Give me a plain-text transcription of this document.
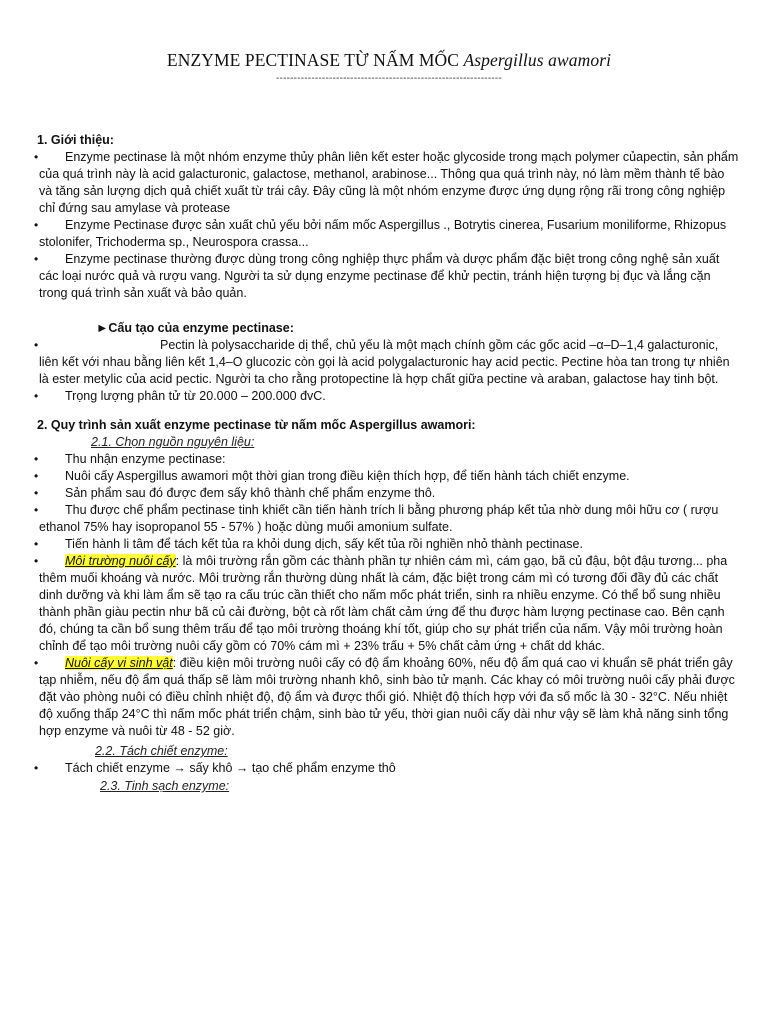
ENZYME PECTINASE TỪ NẤM MỐC Aspergillus awamori

----------------------------------------------------------------

1. Giới thiệu:

• Enzyme pectinase là một nhóm enzyme thủy phân liên kết ester hoặc glycoside trong mạch polymer củapectin, sản phẩm của quá trình này là acid galacturonic, galactose, methanol, arabinose... Thông qua quá trình này, nó làm mềm thành tế bào và tăng sản lượng dịch quả chiết xuất từ trái cây. Đây cũng là một nhóm enzyme được ứng dụng rộng rãi trong công nghiệp chỉ đứng sau amylase và protease
• Enzyme Pectinase được sản xuất chủ yếu bởi nấm mốc Aspergillus ., Botrytis cinerea, Fusarium moniliforme, Rhizopus stolonifer, Trichoderma sp., Neurospora crassa...
• Enzyme pectinase thường được dùng trong công nghiệp thực phẩm và dược phẩm đặc biệt trong công nghệ sản xuất các loại nước quả và rượu vang. Người ta sử dụng enzyme pectinase để khử pectin, tránh hiện tượng bị đục và lắng cặn trong quá trình sản xuất và bảo quản.

►Cấu tạo của enzyme pectinase:

• Pectin là polysaccharide dị thể, chủ yếu là một mạch chính gồm các gốc acid –α–D–1,4 galacturonic, liên kết với nhau bằng liên kết 1,4–O glucozic còn gọi là acid polygalacturonic hay acid pectic. Pectine hòa tan trong tự nhiên là ester metylic của acid pectic. Người ta cho rằng protopectine là hợp chất giữa pectine và araban, galactose hay tinh bột.
• Trọng lượng phân tử từ 20.000 – 200.000 đvC.

2. Quy trình sản xuất enzyme pectinase từ nấm mốc Aspergillus awamori:

2.1. Chọn nguồn nguyên liệu:
• Thu nhận enzyme pectinase:
• Nuôi cấy Aspergillus awamori một thời gian trong điều kiện thích hợp, để tiến hành tách chiết enzyme.
• Sản phẩm sau đó được đem sấy khô thành chế phẩm enzyme thô.
• Thu được chế phẩm pectinase tinh khiết cần tiến hành trích li bằng phương pháp kết tủa nhờ dung môi hữu cơ ( rượu ethanol 75% hay isopropanol 55 - 57% ) hoặc dùng muối amonium sulfate.
• Tiến hành li tâm để tách kết tủa ra khỏi dung dịch, sấy kết tủa rồi nghiền nhỏ thành pectinase.
• Môi trường nuôi cấy: là môi trường rắn gồm các thành phần tự nhiên cám mì, cám gạo, bã củ đậu, bột đậu tương... pha thêm muối khoáng và nước. Môi trường rắn thường dùng nhất là cám, đặc biệt trong cám mì có tương đối đầy đủ các chất dinh dưỡng và khi làm ẩm sẽ tạo ra cấu trúc cần thiết cho nấm mốc phát triển, sinh ra nhiều enzyme. Có thể bổ sung nhiều thành phần giàu pectin như bã củ cải đường, bột cà rốt làm chất cảm ứng để thu được hàm lượng pectinase cao. Bên cạnh đó, chúng ta cần bổ sung thêm trấu để tạo môi trường thoáng khí tốt, giúp cho sự phát triển của nấm. Vậy môi trường hoàn chỉnh để tạo môi trường nuôi cấy gồm có 70% cám mì + 23% trấu + 5% chất cảm ứng + chất dd khác.
• Nuôi cấy vi sinh vật: điều kiện môi trường nuôi cấy có độ ẩm khoảng 60%, nếu độ ẩm quá cao vi khuẩn sẽ phát triển gây tạp nhiễm, nếu độ ẩm quá thấp sẽ làm môi trường nhanh khô, sinh bào tử mạnh. Các khay có môi trường nuôi cấy phải được đặt vào phòng nuôi có điều chỉnh nhiệt độ, độ ẩm và được thổi gió. Nhiệt độ thích hợp với đa số mốc là 30 - 32°C. Nếu nhiệt độ xuống thấp 24°C thì nấm mốc phát triển chậm, sinh bào tử yếu, thời gian nuôi cấy dài như vậy sẽ làm khả năng sinh tổng hợp enzyme và nuôi từ 48 - 52 giờ.
2.2. Tách chiết enzyme:
• Tách chiết enzyme → sấy khô → tạo chế phẩm enzyme thô
2.3. Tinh sạch enzyme:
